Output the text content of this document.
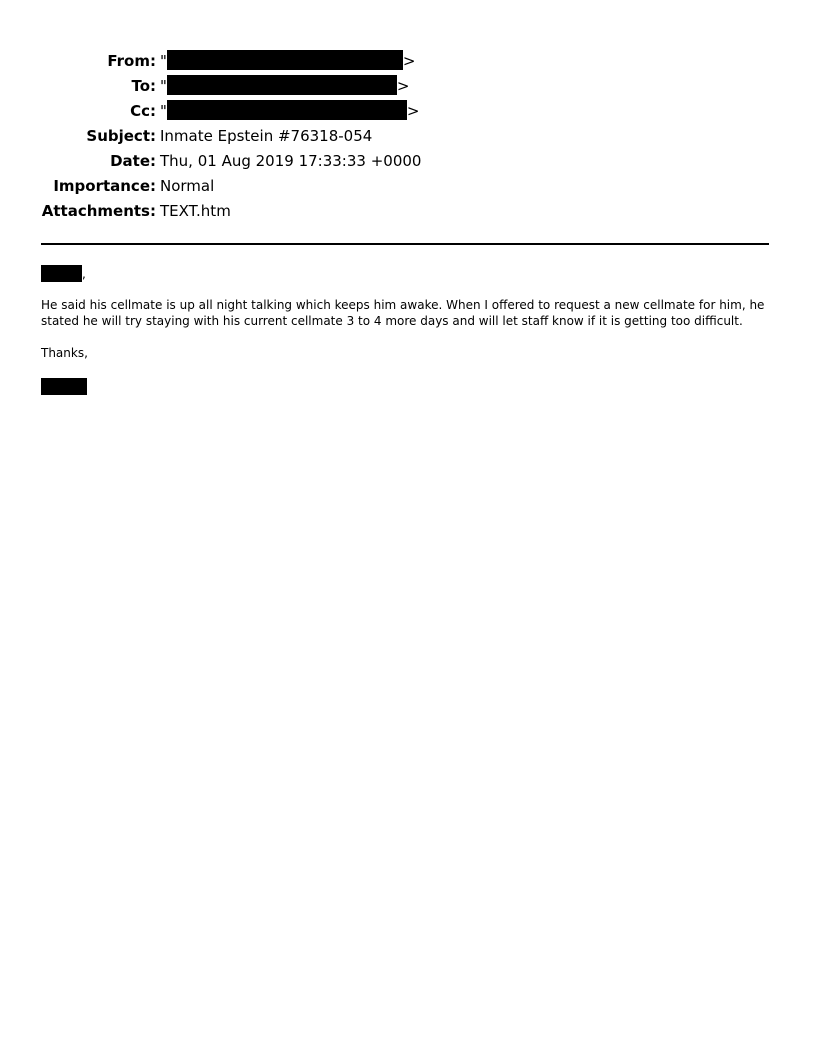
From: "	>
To: "	>
Cc: "	>
Subject: Inmate Epstein #76318-054
Date: Thu, 01 Aug 2019 17:33:33 +0000
Importance: Normal
Attachments: TEXT.htm
,
He said his cellmate is up all night talking which keeps him awake. When I offered to request a new cellmate for him, he
stated he will try staying with his current cellmate 3 to 4 more days and will let staff know if it is getting too difficult.
Thanks,
